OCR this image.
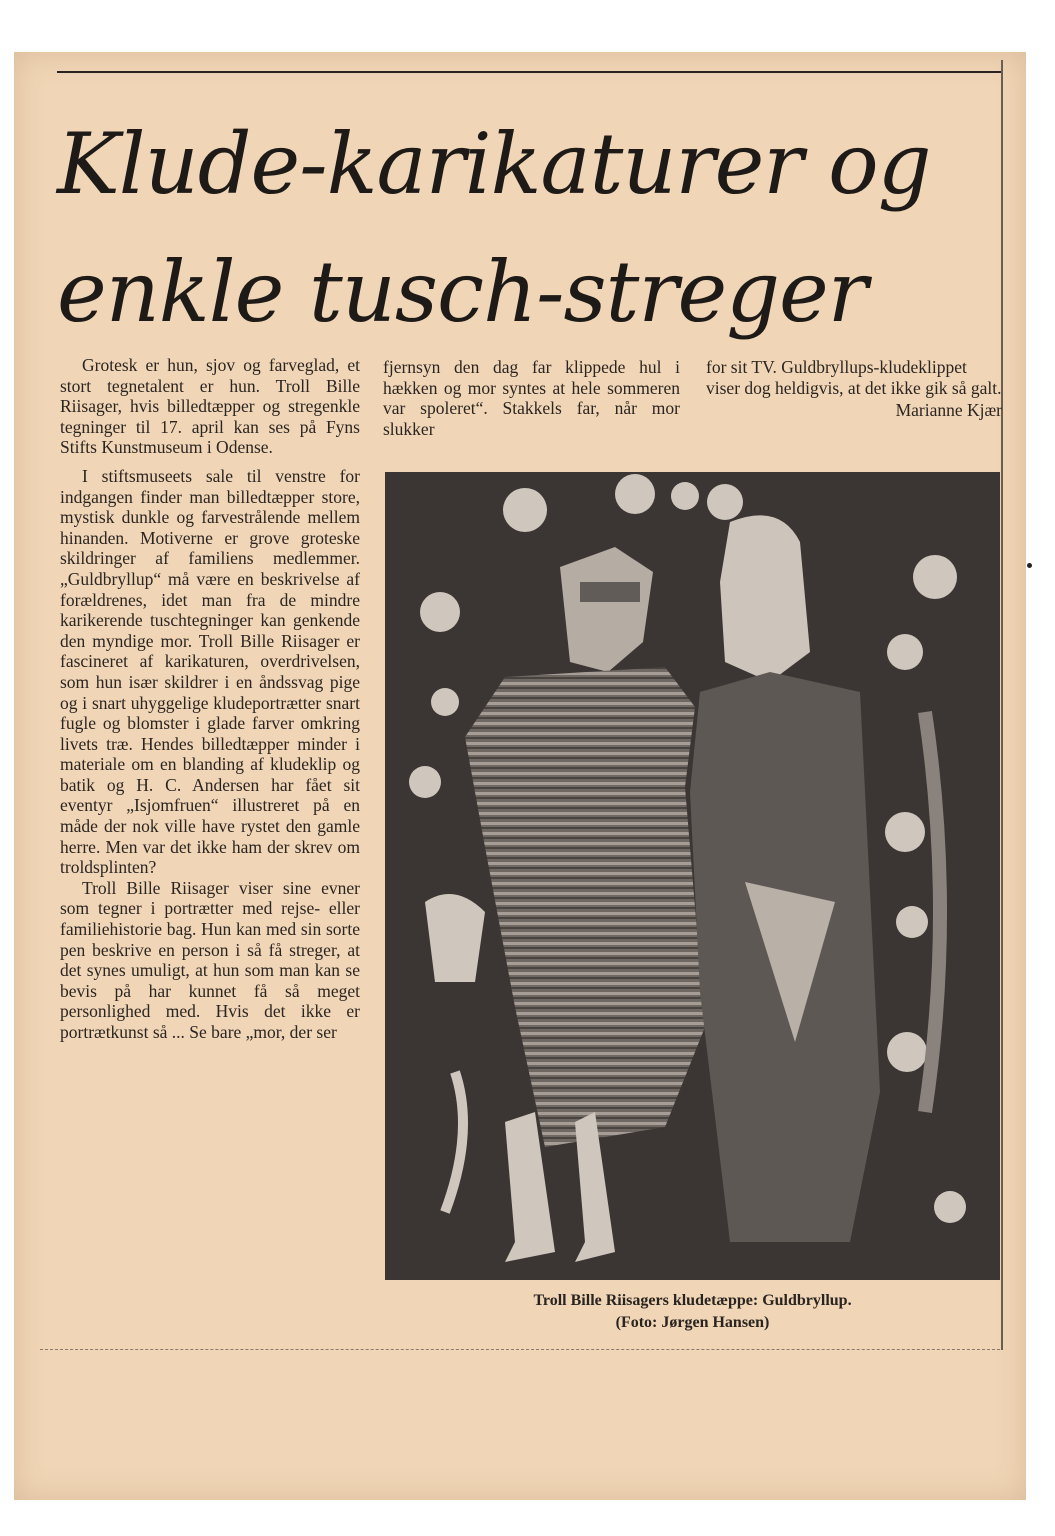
Klude-karikaturer og
enkle tusch-streger

Grotesk er hun, sjov og farveglad, et stort tegnetalent er hun. Troll Bille Riisager, hvis billedtæpper og stregenkle tegninger til 17. april kan ses på Fyns Stifts Kunstmuseum i Odense.

I stiftsmuseets sale til venstre for indgangen finder man billedtæpper store, mystisk dunkle og farvestrålende mellem hinanden. Motiverne er grove groteske skildringer af familiens medlemmer. „Guldbryllup“ må være en beskrivelse af forældrenes, idet man fra de mindre karikerende tuschtegninger kan genkende den myndige mor. Troll Bille Riisager er fascineret af karikaturen, overdrivelsen, som hun især skildrer i en åndssvag pige og i snart uhyggelige kludeportrætter snart fugle og blomster i glade farver omkring livets træ. Hendes billedtæpper minder i materiale om en blanding af kludeklip og batik og H. C. Andersen har fået sit eventyr „Isjomfruen“ illustreret på en måde der nok ville have rystet den gamle herre. Men var det ikke ham der skrev om troldsplinten?

Troll Bille Riisager viser sine evner som tegner i portrætter med rejse- eller familiehistorie bag. Hun kan med sin sorte pen beskrive en person i så få streger, at det synes umuligt, at hun som man kan se bevis på har kunnet få så meget personlighed med. Hvis det ikke er portrætkunst så ... Se bare „mor, der ser

fjernsyn den dag far klippede hul i hækken og mor syntes at hele sommeren var spoleret“. Stakkels far, når mor slukker

for sit TV. Guldbryllups-kludeklippet viser dog heldigvis, at det ikke gik så galt.

Marianne Kjær
Troll Bille Riisagers kludetæppe: Guldbryllup.
(Foto: Jørgen Hansen)
